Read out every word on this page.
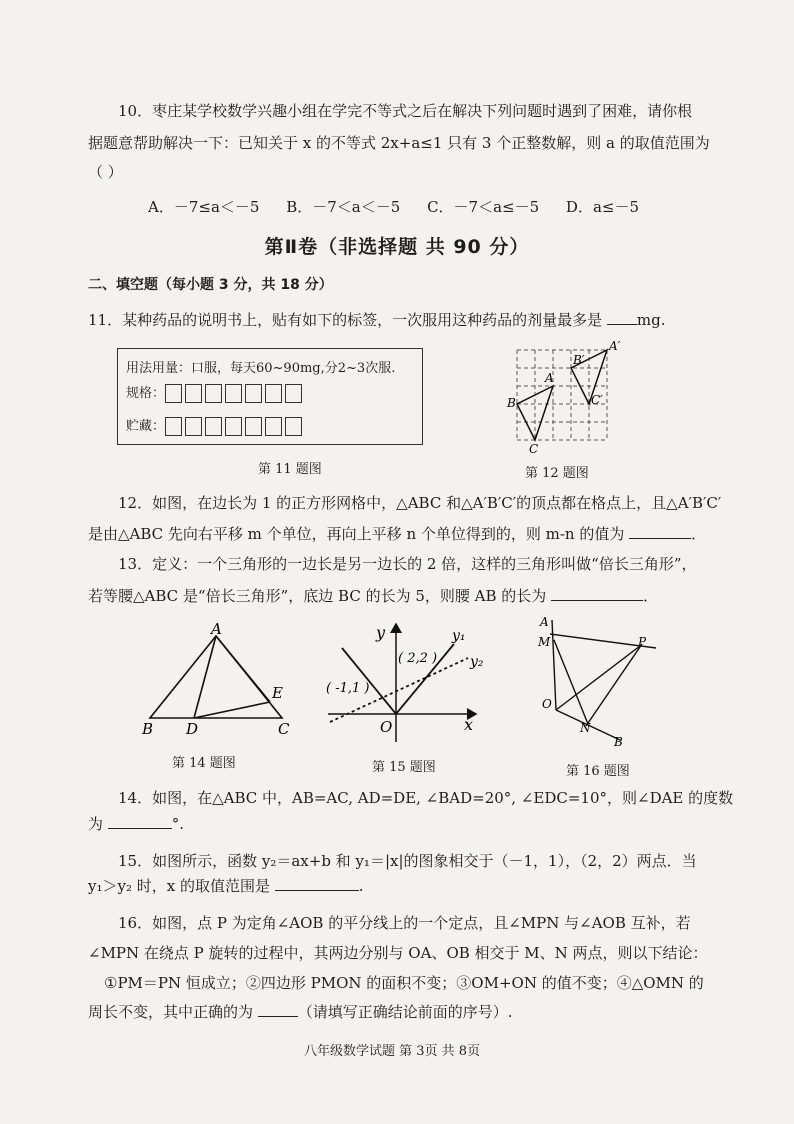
10．枣庄某学校数学兴趣小组在学完不等式之后在解决下列问题时遇到了困难，请你根
据题意帮助解决一下：已知关于 x 的不等式 2x+a≤1 只有 3 个正整数解，则 a 的取值范围为
（ ）
A．－7≤a＜－5 B．－7＜a＜－5 C．－7＜a≤－5 D．a≤－5
第Ⅱ卷（非选择题 共 90 分）
二、填空题（每小题 3 分，共 18 分）
11．某种药品的说明书上，贴有如下的标签，一次服用这种药品的剂量最多是 mg.
用法用量：口服，每天60~90mg,分2~3次服.
规格：
贮藏：
第 11 题图
A
B
C
A′
B′
C′
第 12 题图
12．如图，在边长为 1 的正方形网格中，△ABC 和△A′B′C′的顶点都在格点上，且△A′B′C′
是由△ABC 先向右平移 m 个单位，再向上平移 n 个单位得到的，则 m-n 的值为	．
13．定义：一个三角形的一边长是另一边长的 2 倍，这样的三角形叫做“倍长三角形”，
若等腰△ABC 是“倍长三角形”，底边 BC 的长为 5，则腰 AB 的长为	．
A
B D	C
E
第 14 题图
y
x
O
y₁
y₂
( 2,2 )
( -1,1 )
第 15 题图
A
M	P
O
N
B
第 16 题图
14．如图，在△ABC 中，AB=AC, AD=DE, ∠BAD=20°, ∠EDC=10°，则∠DAE 的度数
为	°.
15．如图所示，函数 y₂＝ax+b 和 y₁＝|x|的图象相交于（－1，1），（2，2）两点．当
y₁＞y₂ 时，x 的取值范围是	.
16．如图，点 P 为定角∠AOB 的平分线上的一个定点，且∠MPN 与∠AOB 互补，若
∠MPN 在绕点 P 旋转的过程中，其两边分别与 OA、OB 相交于 M、N 两点，则以下结论：
①PM＝PN 恒成立；②四边形 PMON 的面积不变；③OM+ON 的值不变；④△OMN 的
周长不变，其中正确的为	（请填写正确结论前面的序号）.
八年级数学试题 第 3页 共 8页
